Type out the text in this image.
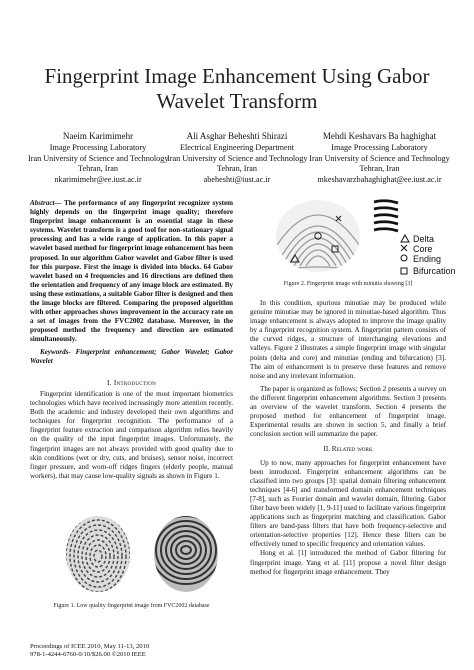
Fingerprint Image Enhancement Using Gabor
Wavelet Transform
Naeim Karimimehr
Image Processing Laboratory
Iran University of Science and Technology
Tehran, Iran
nkarimimehr@ee.iust.ac.ir
Ali Asghar Beheshti Shirazi
Electrical Engineering Department
Iran University of Science and Technology
Tehran, Iran
abeheshti@iust.ac.ir
Mehdi Keshavars Ba haghighat
Image Processing Laboratory
Iran University of Science and Technology
Tehran, Iran
mkeshavarzbahaghighat@ee.iust.ac.ir
Abstract— The performance of any fingerprint recognizer system highly depends on the fingerprint image quality; therefore fingerprint image enhancement is an essential stage in these systems. Wavelet transform is a good tool for non-stationary signal processing and has a wide range of application. In this paper a wavelet based method for fingerprint image enhancement has been proposed. In our algorithm Gabor wavelet and Gabor filter is used for this purpose. First the image is divided into blocks. 64 Gabor wavelet based on 4 frequencies and 16 directions are defined then the orientation and frequency of any image block are estimated. By using these estimations, a suitable Gabor filter is designed and then the image blocks are filtered. Comparing the proposed algorithm with other approaches shows improvement in the accuracy rate on a set of images from the FVC2002 database. Moreover, in the proposed method the frequency and direction are estimated simultaneously.
Keywords- Fingerprint enhancement; Gabor Wavelet; Gabor Wavelet
I. Introduction

Fingerprint identification is one of the most important biometrics technologies which have received increasingly more attention recently. Both the academic and industry developed their own algorithms and techniques for fingerprint recognition. The performance of a fingerprint feature extraction and comparison algorithm relies heavily on the quality of the input fingerprint images. Unfortunately, the fingerprint images are not always provided with good quality due to skin conditions (wet or dry, cuts, and bruises), sensor noise, incorrect finger pressure, and worn-off ridges fingers (elderly people, manual workers), that may cause low-quality signals as shown in Figure 1.

Figure 1. Low quality fingerprint image from FVC2002 database
Delta
Core
Ending
Bifurcation
Figure 2. Fingerprint image with minutia showing [3]

In this condition, spurious minutiae may be produced while genuine minutiae may be ignored in minutiae-based algorithm. Thus image enhancement is always adopted to improve the image quality by a fingerprint recognition system. A fingerprint pattern consists of the curved ridges, a structure of interchanging elevations and valleys. Figure 2 illustrates a simple fingerprint image with singular points (delta and core) and minutiae (ending and bifurcation) [3]. The aim of enhancement is to preserve these features and remove noise and any irrelevant information.

The paper is organized as follows; Section 2 presents a survey on the different fingerprint enhancement algorithms. Section 3 presents an overview of the wavelet transform. Section 4 presents the proposed method for enhancement of fingerprint image. Experimental results are shown in section 5, and finally a brief conclusion section will summarize the paper.

II. Related work

Up to now, many approaches for fingerprint enhancement have been introduced. Fingerprint enhancement algorithms can be classified into two groups [3]: spatial domain filtering enhancement techniques [4-6] and transformed domain enhancement techniques [7-8], such as Fourier domain and wavelet domain, filtering. Gabor filter have been widely [1, 9-11] used to facilitate various fingerprint applications such as fingerprint matching and classification. Gabor filters are band-pass filters that have both frequency-selective and orientation-selective properties [12]. Hence these filters can be effectively tuned to specific frequency and orientation values.

Hong et al. [1] introduced the method of Gabor filtering for fingerprint image. Yang et al. [11] propose a novel filter design method for fingerprint image enhancement. They

Proceedings of ICEE 2010, May 11-13, 2010
978-1-4244-6760-0/10/$26.00 ©2010 IEEE
